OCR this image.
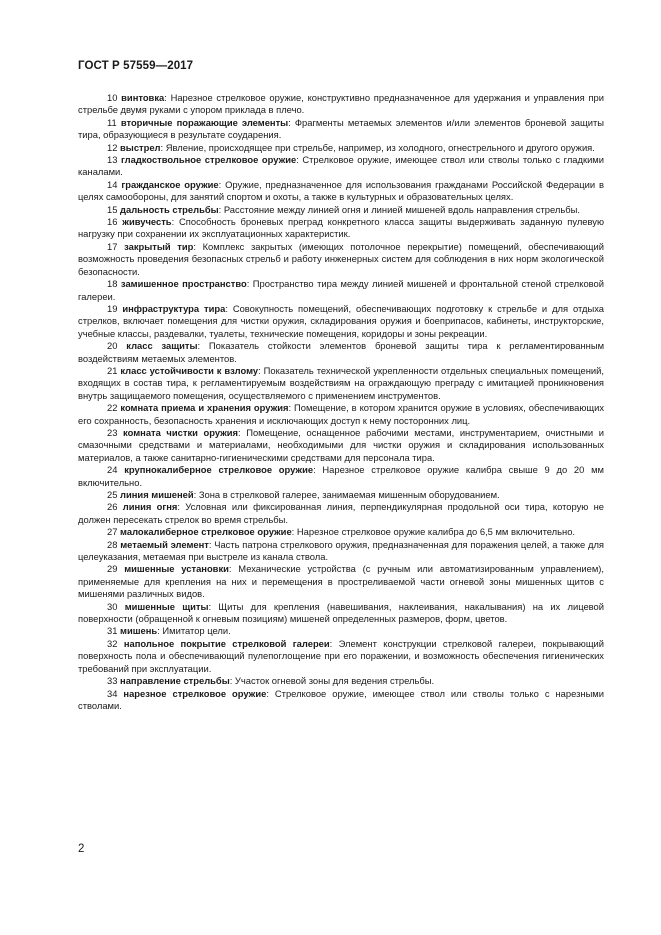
ГОСТ Р 57559—2017

10 винтовка: Нарезное стрелковое оружие, конструктивно предназначенное для удержания и управления при стрельбе двумя руками с упором приклада в плечо.

11 вторичные поражающие элементы: Фрагменты метаемых элементов и/или элементов броневой защиты тира, образующиеся в результате соударения.

12 выстрел: Явление, происходящее при стрельбе, например, из холодного, огнестрельного и другого оружия.

13 гладкоствольное стрелковое оружие: Стрелковое оружие, имеющее ствол или стволы только с гладкими каналами.

14 гражданское оружие: Оружие, предназначенное для использования гражданами Российской Федерации в целях самообороны, для занятий спортом и охоты, а также в культурных и образовательных целях.

15 дальность стрельбы: Расстояние между линией огня и линией мишеней вдоль направления стрельбы.

16 живучесть: Способность броневых преград конкретного класса защиты выдерживать заданную пулевую нагрузку при сохранении их эксплуатационных характеристик.

17 закрытый тир: Комплекс закрытых (имеющих потолочное перекрытие) помещений, обеспечивающий возможность проведения безопасных стрельб и работу инженерных систем для соблюдения в них норм экологической безопасности.

18 замишенное пространство: Пространство тира между линией мишеней и фронтальной стеной стрелковой галереи.

19 инфраструктура тира: Совокупность помещений, обеспечивающих подготовку к стрельбе и для отдыха стрелков, включает помещения для чистки оружия, складирования оружия и боеприпасов, кабинеты, инструкторские, учебные классы, раздевалки, туалеты, технические помещения, коридоры и зоны рекреации.

20 класс защиты: Показатель стойкости элементов броневой защиты тира к регламентированным воздействиям метаемых элементов.

21 класс устойчивости к взлому: Показатель технической укрепленности отдельных специальных помещений, входящих в состав тира, к регламентируемым воздействиям на ограждающую преграду с имитацией проникновения внутрь защищаемого помещения, осуществляемого с применением инструментов.

22 комната приема и хранения оружия: Помещение, в котором хранится оружие в условиях, обеспечивающих его сохранность, безопасность хранения и исключающих доступ к нему посторонних лиц.

23 комната чистки оружия: Помещение, оснащенное рабочими местами, инструментарием, очистными и смазочными средствами и материалами, необходимыми для чистки оружия и складирования использованных материалов, а также санитарно-гигиеническими средствами для персонала тира.

24 крупнокалиберное стрелковое оружие: Нарезное стрелковое оружие калибра свыше 9 до 20 мм включительно.

25 линия мишеней: Зона в стрелковой галерее, занимаемая мишенным оборудованием.

26 линия огня: Условная или фиксированная линия, перпендикулярная продольной оси тира, которую не должен пересекать стрелок во время стрельбы.

27 малокалиберное стрелковое оружие: Нарезное стрелковое оружие калибра до 6,5 мм включительно.

28 метаемый элемент: Часть патрона стрелкового оружия, предназначенная для поражения целей, а также для целеуказания, метаемая при выстреле из канала ствола.

29 мишенные установки: Механические устройства (с ручным или автоматизированным управлением), применяемые для крепления на них и перемещения в простреливаемой части огневой зоны мишенных щитов с мишенями различных видов.

30 мишенные щиты: Щиты для крепления (навешивания, наклеивания, накалывания) на их лицевой поверхности (обращенной к огневым позициям) мишеней определенных размеров, форм, цветов.

31 мишень: Имитатор цели.

32 напольное покрытие стрелковой галереи: Элемент конструкции стрелковой галереи, покрывающий поверхность пола и обеспечивающий пулепоглощение при его поражении, и возможность обеспечения гигиенических требований при эксплуатации.

33 направление стрельбы: Участок огневой зоны для ведения стрельбы.

34 нарезное стрелковое оружие: Стрелковое оружие, имеющее ствол или стволы только с нарезными стволами.

2
